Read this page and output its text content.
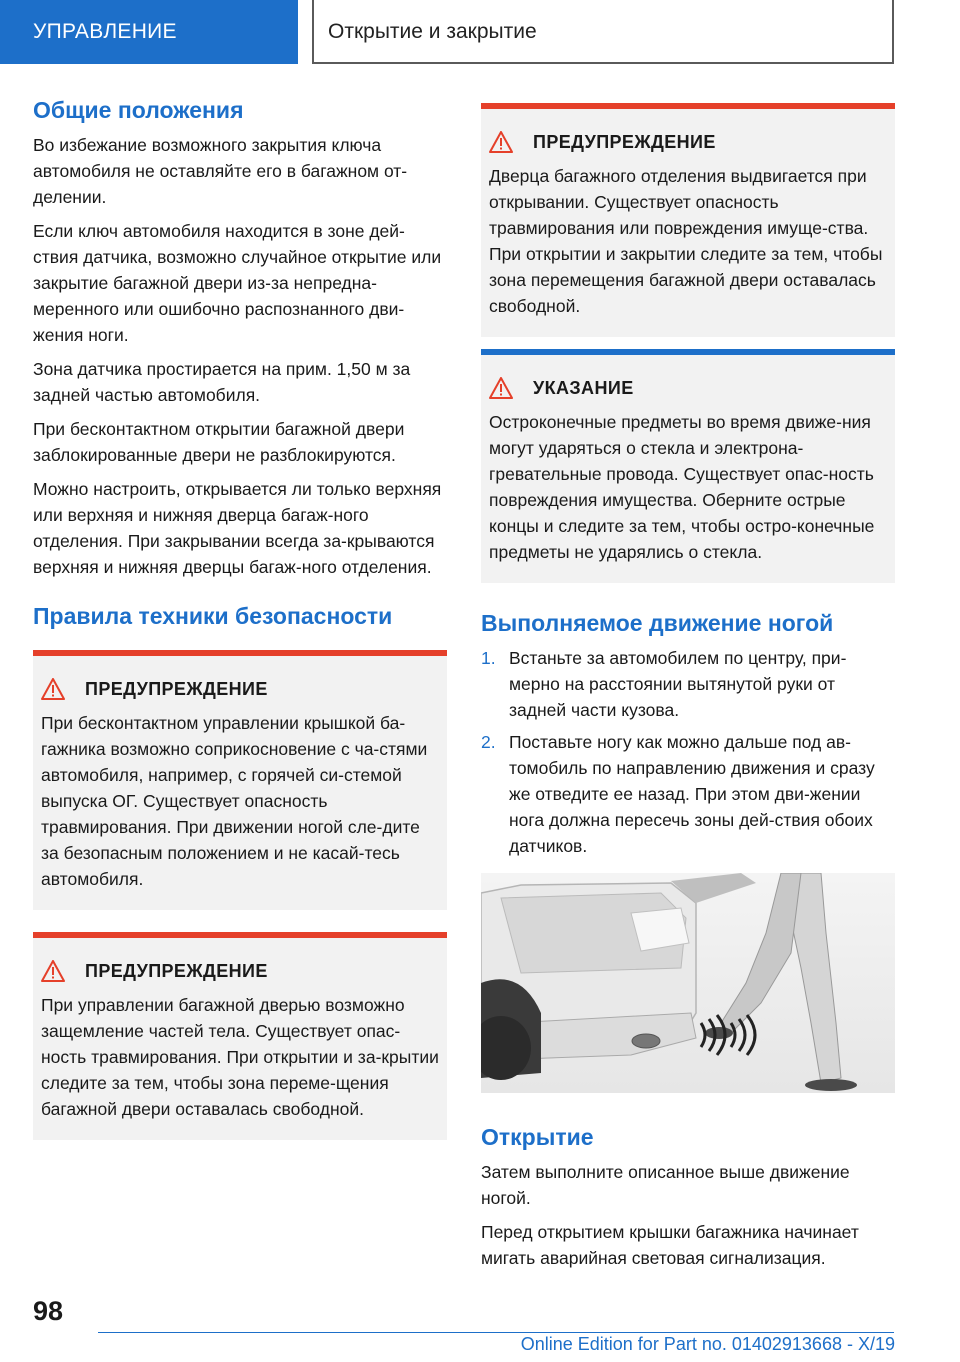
УПРАВЛЕНИЕ	Открытие и закрытие
Общие положения

Во избежание возможного закрытия ключа автомобиля не оставляйте его в багажном от-делении.

Если ключ автомобиля находится в зоне дей-ствия датчика, возможно случайное открытие или закрытие багажной двери из-за непредна-меренного или ошибочно распознанного дви-жения ноги.

Зона датчика простирается на прим. 1,50 м за задней частью автомобиля.

При бесконтактном открытии багажной двери заблокированные двери не разблокируются.

Можно настроить, открывается ли только верхняя или верхняя и нижняя дверца багаж-ного отделения. При закрывании всегда за-крываются верхняя и нижняя дверцы багаж-ного отделения.

Правила техники безопасности
ПРЕДУПРЕЖДЕНИЕ
При бесконтактном управлении крышкой ба-гажника возможно соприкосновение с ча-стями автомобиля, например, с горячей си-стемой выпуска ОГ. Существует опасность травмирования. При движении ногой сле-дите за безопасным положением и не касай-тесь автомобиля.
ПРЕДУПРЕЖДЕНИЕ
При управлении багажной дверью возможно защемление частей тела. Существует опас-ность травмирования. При открытии и за-крытии следите за тем, чтобы зона переме-щения багажной двери оставалась свободной.
ПРЕДУПРЕЖДЕНИЕ
Дверца багажного отделения выдвигается при открывании. Существует опасность травмирования или повреждения имуще-ства. При открытии и закрытии следите за тем, чтобы зона перемещения багажной двери оставалась свободной.
УКАЗАНИЕ
Остроконечные предметы во время движе-ния могут ударяться о стекла и электрона-гревательные провода. Существует опас-ность повреждения имущества. Оберните острые концы и следите за тем, чтобы остро-конечные предметы не ударялись о стекла.
Выполняемое движение ногой
1. Встаньте за автомобилем по центру, при-мерно на расстоянии вытянутой руки от задней части кузова.
2. Поставьте ногу как можно дальше под ав-томобиль по направлению движения и сразу же отведите ее назад. При этом дви-жении нога должна пересечь зоны дей-ствия обоих датчиков.
Открытие

Затем выполните описанное выше движение ногой.

Перед открытием крышки багажника начинает мигать аварийная световая сигнализация.

98
Online Edition for Part no. 01402913668 - X/19
